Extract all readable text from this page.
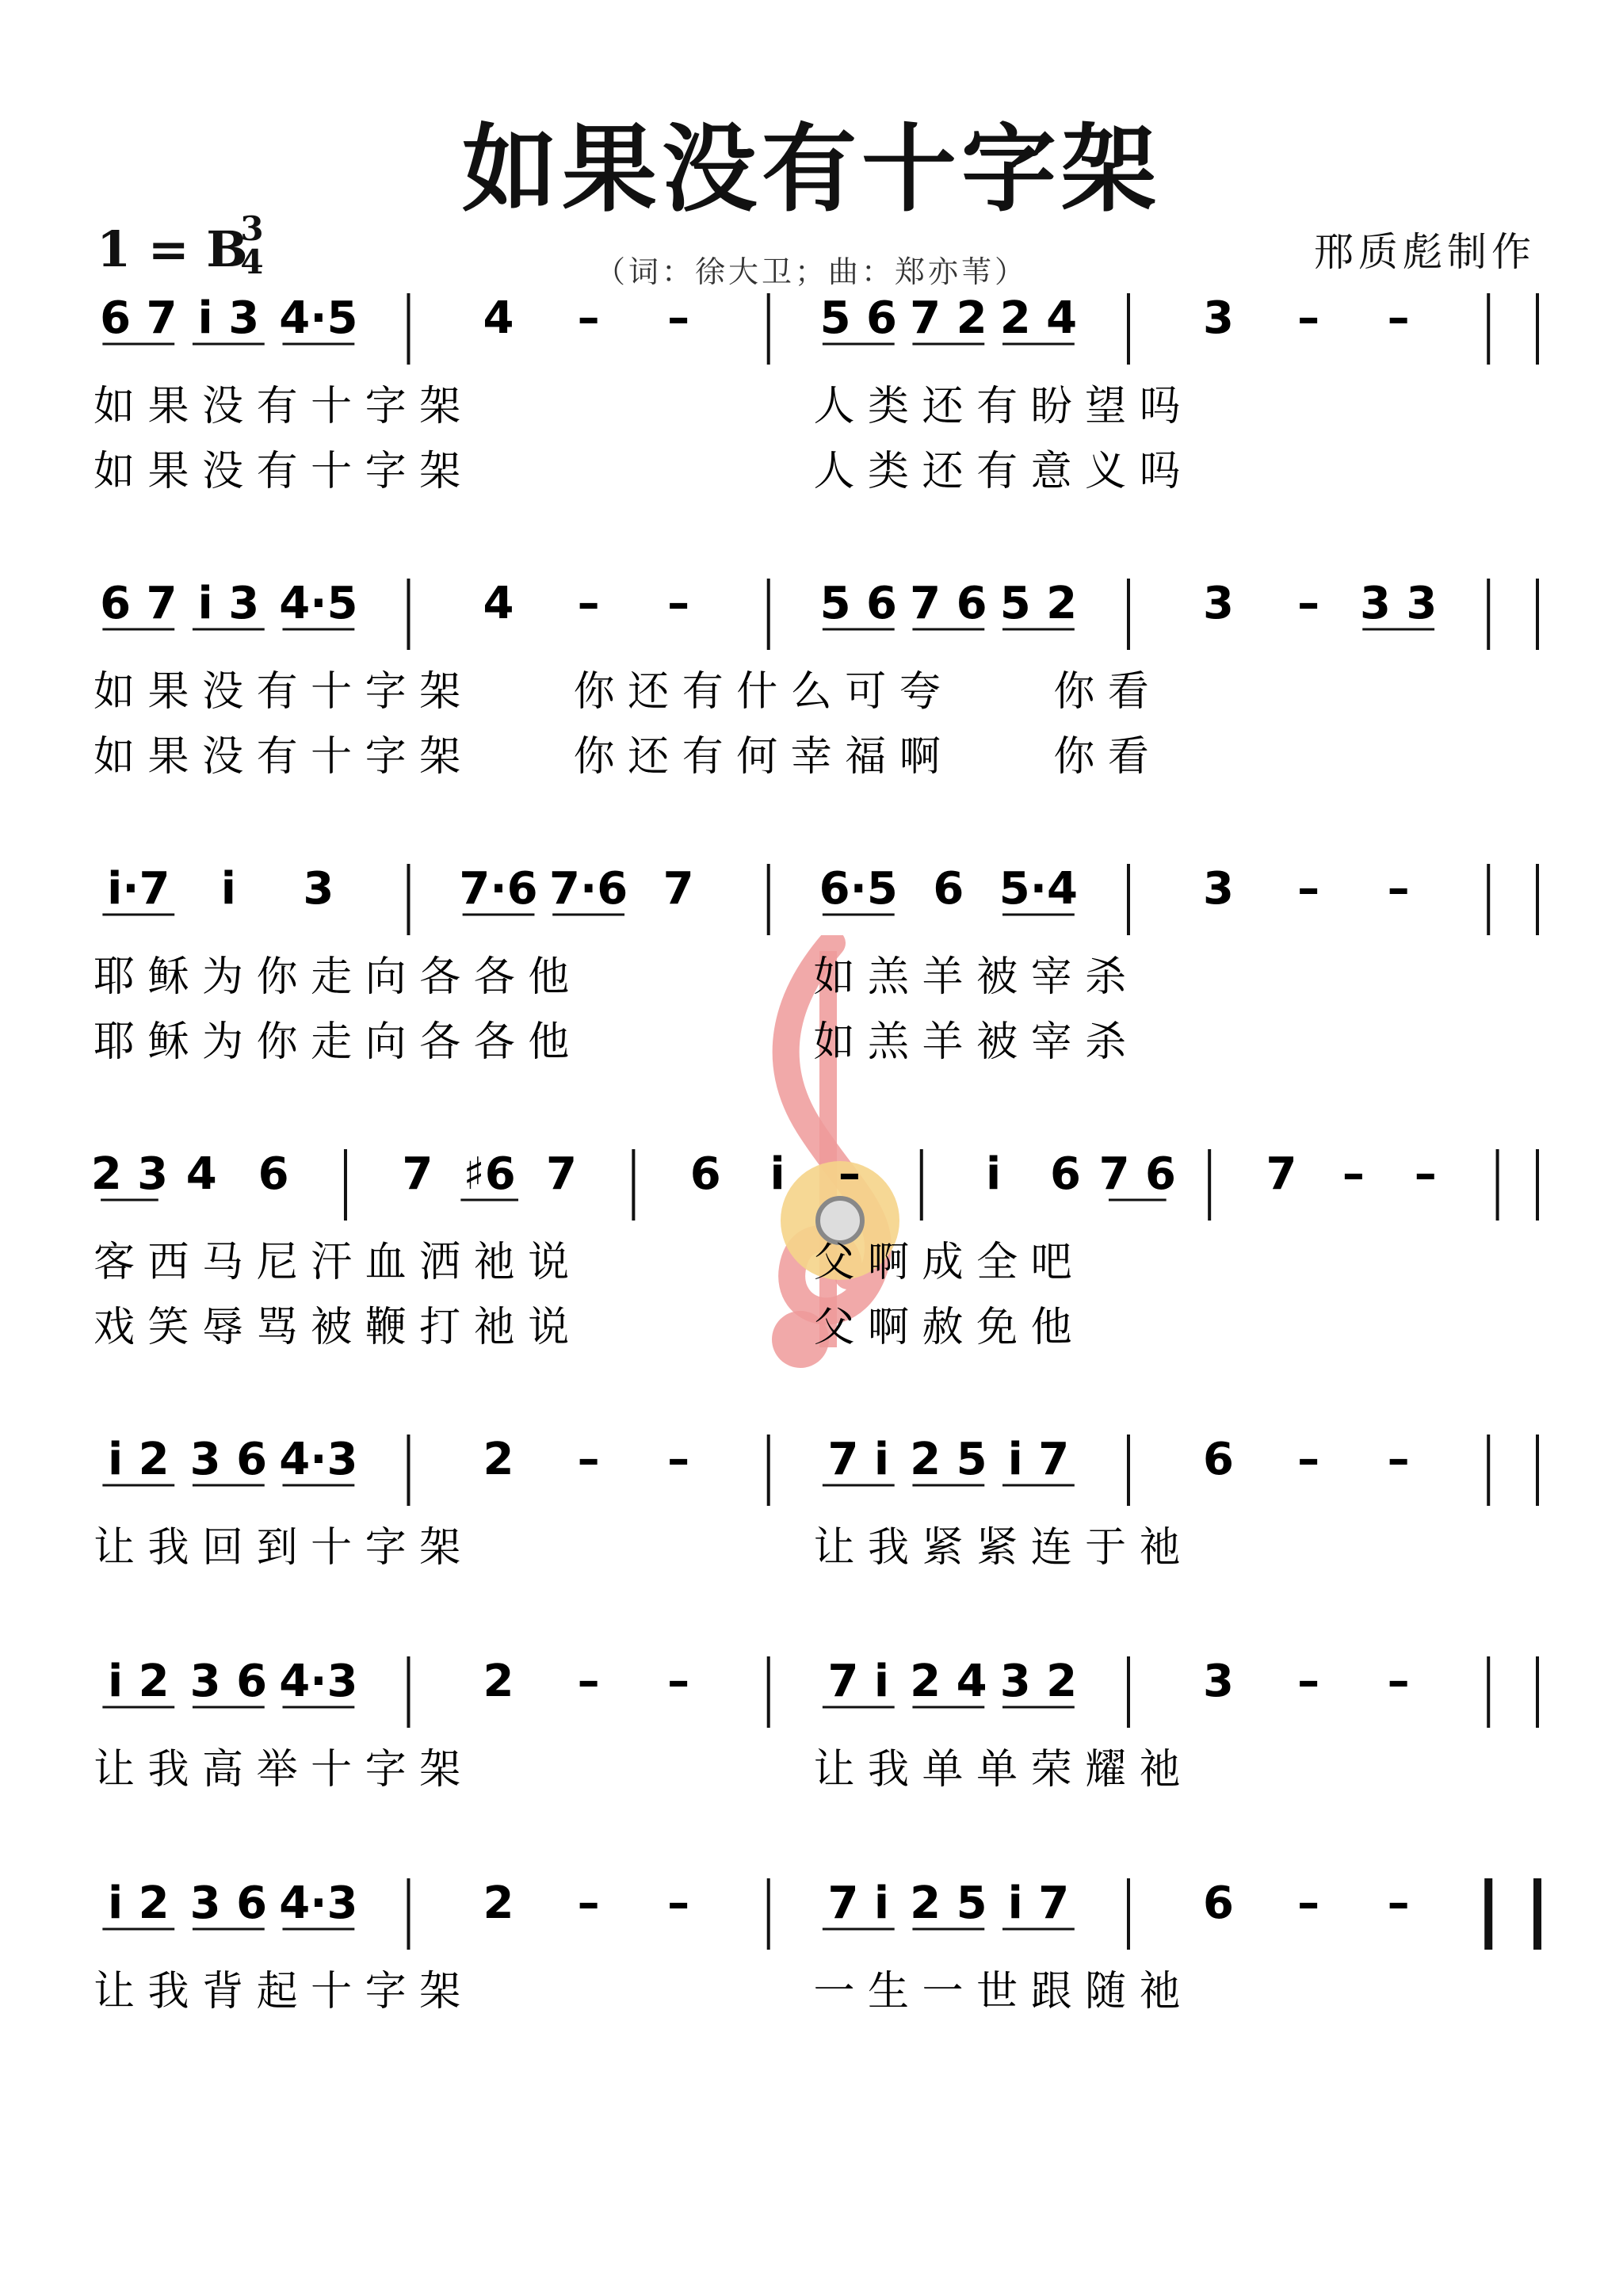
如果没有十字架
1 = B
3
4	（词：徐大卫；曲：郑亦苇）	邢质彪制作
6 7 i 3 4·5	4 – –	5 6 7 2 2 4	3 – –
如 果 没 有 十 字 架	人 类 还 有 盼 望 吗
如 果 没 有 十 字 架	人 类 还 有 意 义 吗
6 7 i 3 4·5	4 – –	5 6 7 6 5 2	3 – 3 3
如 果 没 有 十 字 架	你 还 有 什 么 可 夸	你 看
如 果 没 有 十 字 架	你 还 有 何 幸 福 啊	你 看
i·7 i 3	7·6 7·6 7	6·5 6 5·4	3 – –
耶 稣 为 你 走 向 各 各 他	如 羔 羊 被 宰 杀
耶 稣 为 你 走 向 各 各 他	如 羔 羊 被 宰 杀
2 3 4 6	7 ♯6 7	6 i –	i 6 7 6 7 – –
客 西 马 尼 汗 血 洒 祂 说	父 啊 成 全 吧
戏 笑 辱 骂 被 鞭 打 祂 说	父 啊 赦 免 他
i 2 3 6 4·3	2 – –	7 i 2 5 i 7	6 – –
让 我 回 到 十 字 架	让 我 紧 紧 连 于 祂
i 2 3 6 4·3	2 – –	7 i 2 4 3 2	3 – –
让 我 高 举 十 字 架	让 我 单 单 荣 耀 祂
i 2 3 6 4·3	2 – –	7 i 2 5 i 7	6 – –
让 我 背 起 十 字 架	一 生 一 世 跟 随 祂
